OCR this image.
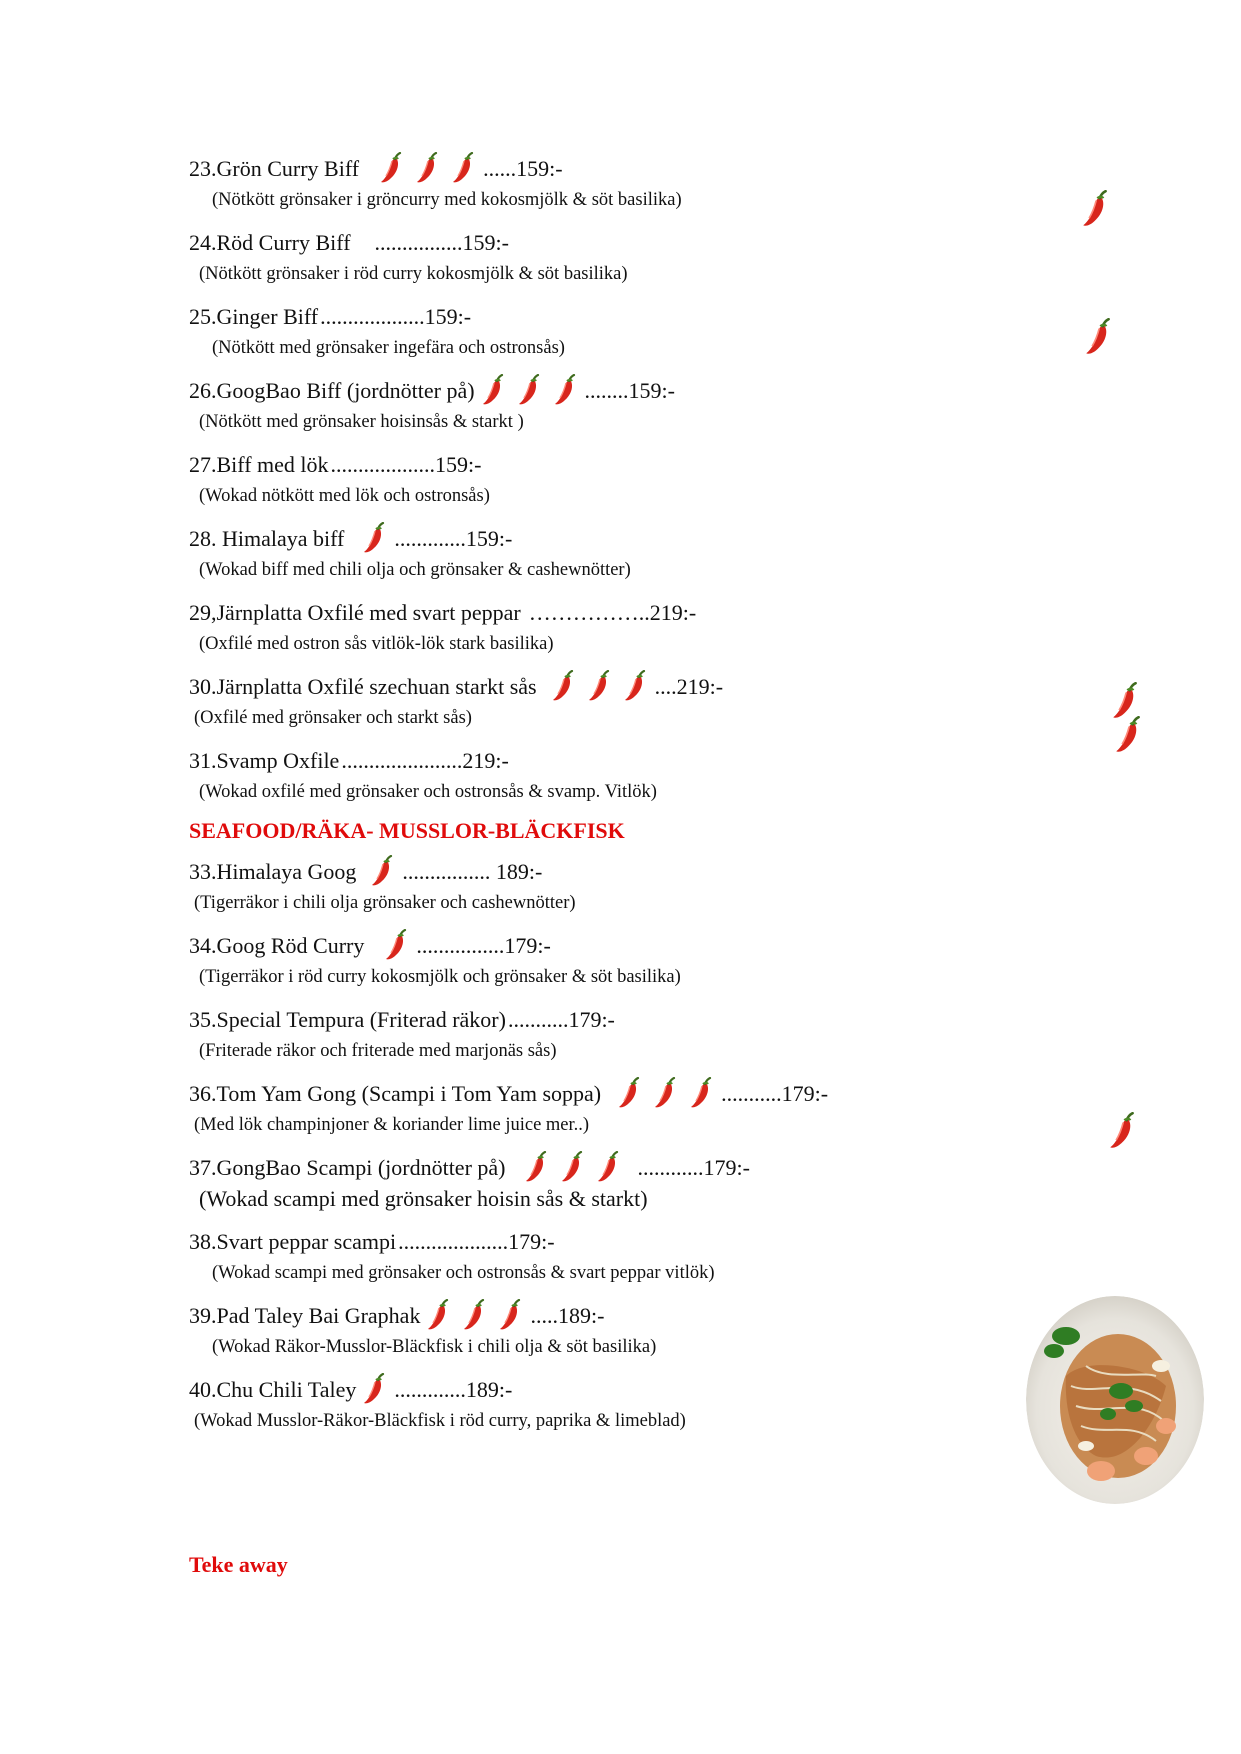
23.Grön Curry Biff	......159:-
(Nötkött grönsaker i gröncurry med kokosmjölk & söt basilika)
24.Röd Curry Biff ................159:-
(Nötkött grönsaker i röd curry kokosmjölk & söt basilika)
25.Ginger Biff ...................159:-
(Nötkött med grönsaker ingefära och ostronsås)
26.GoogBao Biff (jordnötter på)	........159:-
(Nötkött med grönsaker hoisinsås & starkt )
27.Biff med lök ...................159:-
(Wokad nötkött med lök och ostronsås)
28. Himalaya biff .............159:-
(Wokad biff med chili olja och grönsaker & cashewnötter)
29,Järnplatta Oxfilé med svart peppar ……………..219:-
(Oxfilé med ostron sås vitlök-lök stark basilika)
30.Järnplatta Oxfilé szechuan starkt sås	....219:-
(Oxfilé med grönsaker och starkt sås)
31.Svamp Oxfile ......................219:-
(Wokad oxfilé med grönsaker och ostronsås & svamp. Vitlök)
SEAFOOD/RÄKA- MUSSLOR-BLÄCKFISK
33.Himalaya Goog ................ 189:-
(Tigerräkor i chili olja grönsaker och cashewnötter)
34.Goog Röd Curry ................179:-
(Tigerräkor i röd curry kokosmjölk och grönsaker & söt basilika)
35.Special Tempura (Friterad räkor) ...........179:-
(Friterade räkor och friterade med marjonäs sås)
36.Tom Yam Gong (Scampi i Tom Yam soppa)	...........179:-
(Med lök champinjoner & koriander lime juice mer..)
37.GongBao Scampi (jordnötter på)	............179:-
(Wokad scampi med grönsaker hoisin sås & starkt)
38.Svart peppar scampi ....................179:-
(Wokad scampi med grönsaker och ostronsås & svart peppar vitlök)
39.Pad Taley Bai Graphak	.....189:-
(Wokad Räkor-Musslor-Bläckfisk i chili olja & söt basilika)
40.Chu Chili Taley .............189:-
(Wokad Musslor-Räkor-Bläckfisk i röd curry, paprika & limeblad)
Teke away
